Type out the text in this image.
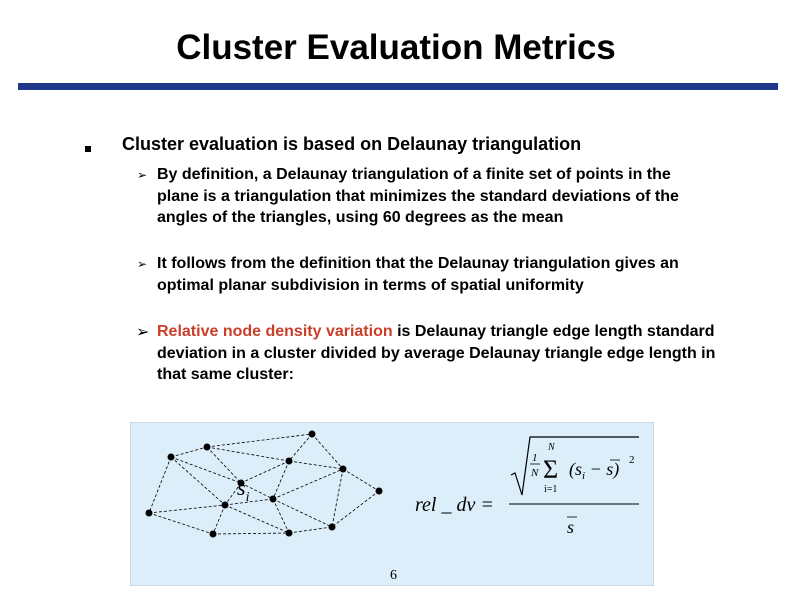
Cluster Evaluation Metrics
Cluster evaluation is based on Delaunay triangulation
➢ By definition, a Delaunay triangulation of a finite set of points in the plane is a triangulation that minimizes the standard deviations of the angles of the triangles, using 60 degrees as the mean
➢ It follows from the definition that the Delaunay triangulation gives an optimal planar subdivision in terms of spatial uniformity
➢ Relative node density variation is Delaunay triangle edge length standard deviation in a cluster divided by average Delaunay triangle edge length in that same cluster:
$s_i$	rel _ dv =
1
N
N
Σ
i=1
$(s_i - s)$ 2
s
6
